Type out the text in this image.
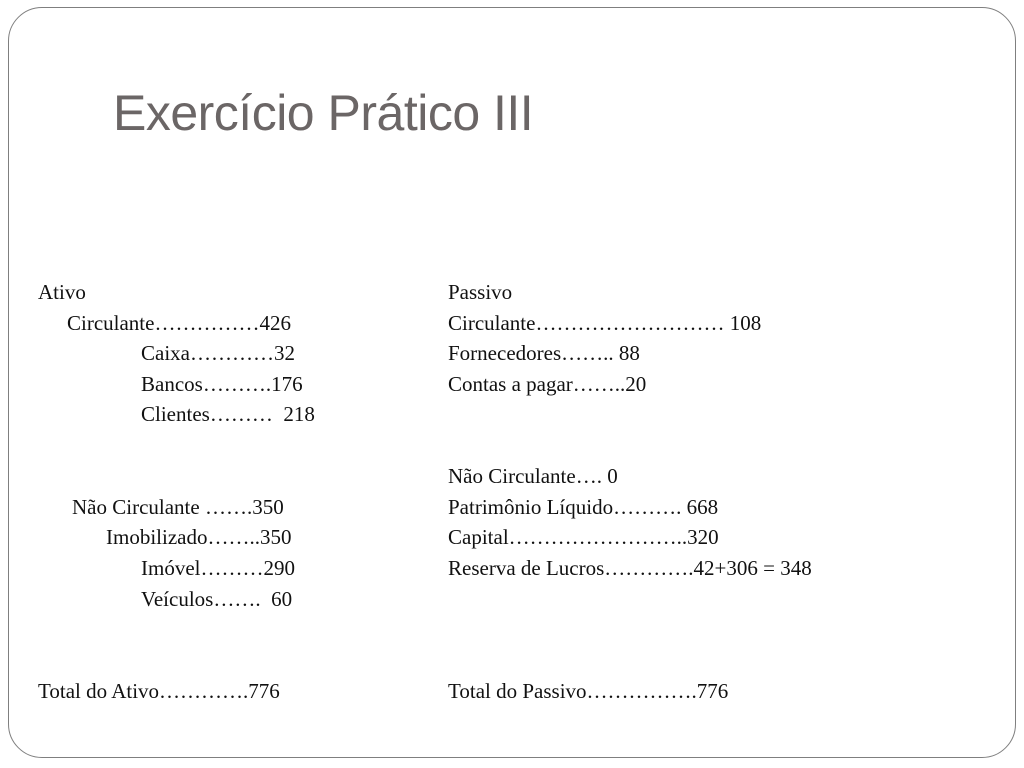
Exercício Prático III
Ativo
Circulante……………426
Caixa…………32
Bancos……….176
Clientes………  218
Não Circulante …….350
Imobilizado……..350
Imóvel………290
Veículos…….  60
Total do Ativo………….776
Passivo
Circulante……………………… 108
Fornecedores…….. 88
Contas a pagar……..20
Não Circulante…. 0
Patrimônio Líquido………. 668
Capital……………………..320
Reserva de Lucros………….42+306 = 348
Total do Passivo…………….776
